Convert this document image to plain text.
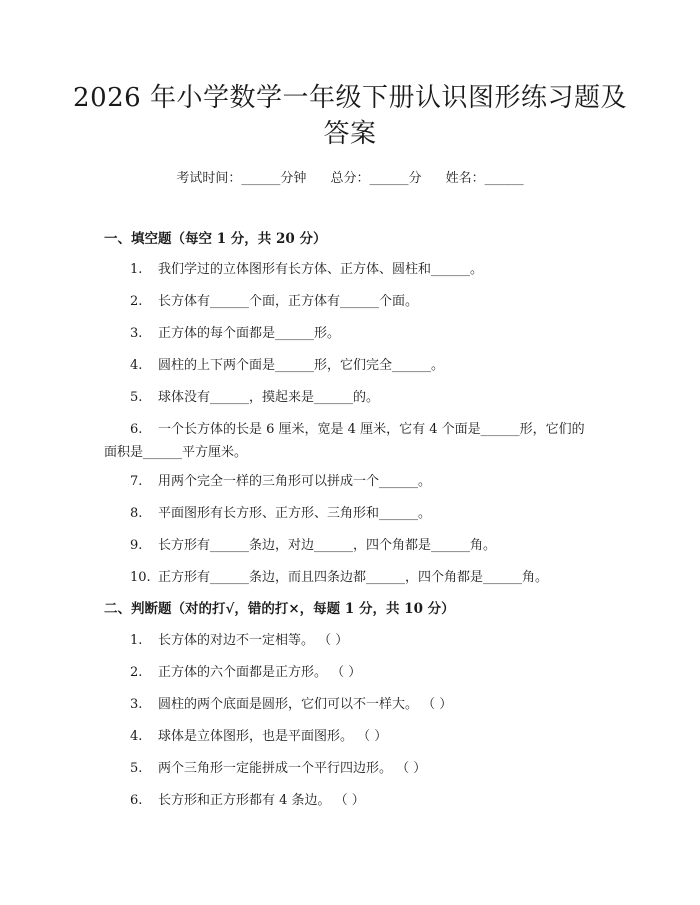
2026 年小学数学一年级下册认识图形练习题及答案
考试时间：______分钟 总分：______分 姓名：______
一、填空题（每空 1 分，共 20 分）
1. 我们学过的立体图形有长方体、正方体、圆柱和______。
2. 长方体有______个面，正方体有______个面。
3. 正方体的每个面都是______形。
4. 圆柱的上下两个面是______形，它们完全______。
5. 球体没有______，摸起来是______的。
6. 一个长方体的长是 6 厘米，宽是 4 厘米，它有 4 个面是______形，它们的面积是______平方厘米。
7. 用两个完全一样的三角形可以拼成一个______。
8. 平面图形有长方形、正方形、三角形和______。
9. 长方形有______条边，对边______，四个角都是______角。
10. 正方形有______条边，而且四条边都______，四个角都是______角。
二、判断题（对的打√，错的打×，每题 1 分，共 10 分）
1. 长方体的对边不一定相等。 （ ）
2. 正方体的六个面都是正方形。 （ ）
3. 圆柱的两个底面是圆形，它们可以不一样大。 （ ）
4. 球体是立体图形，也是平面图形。 （ ）
5. 两个三角形一定能拼成一个平行四边形。 （ ）
6. 长方形和正方形都有 4 条边。 （ ）
